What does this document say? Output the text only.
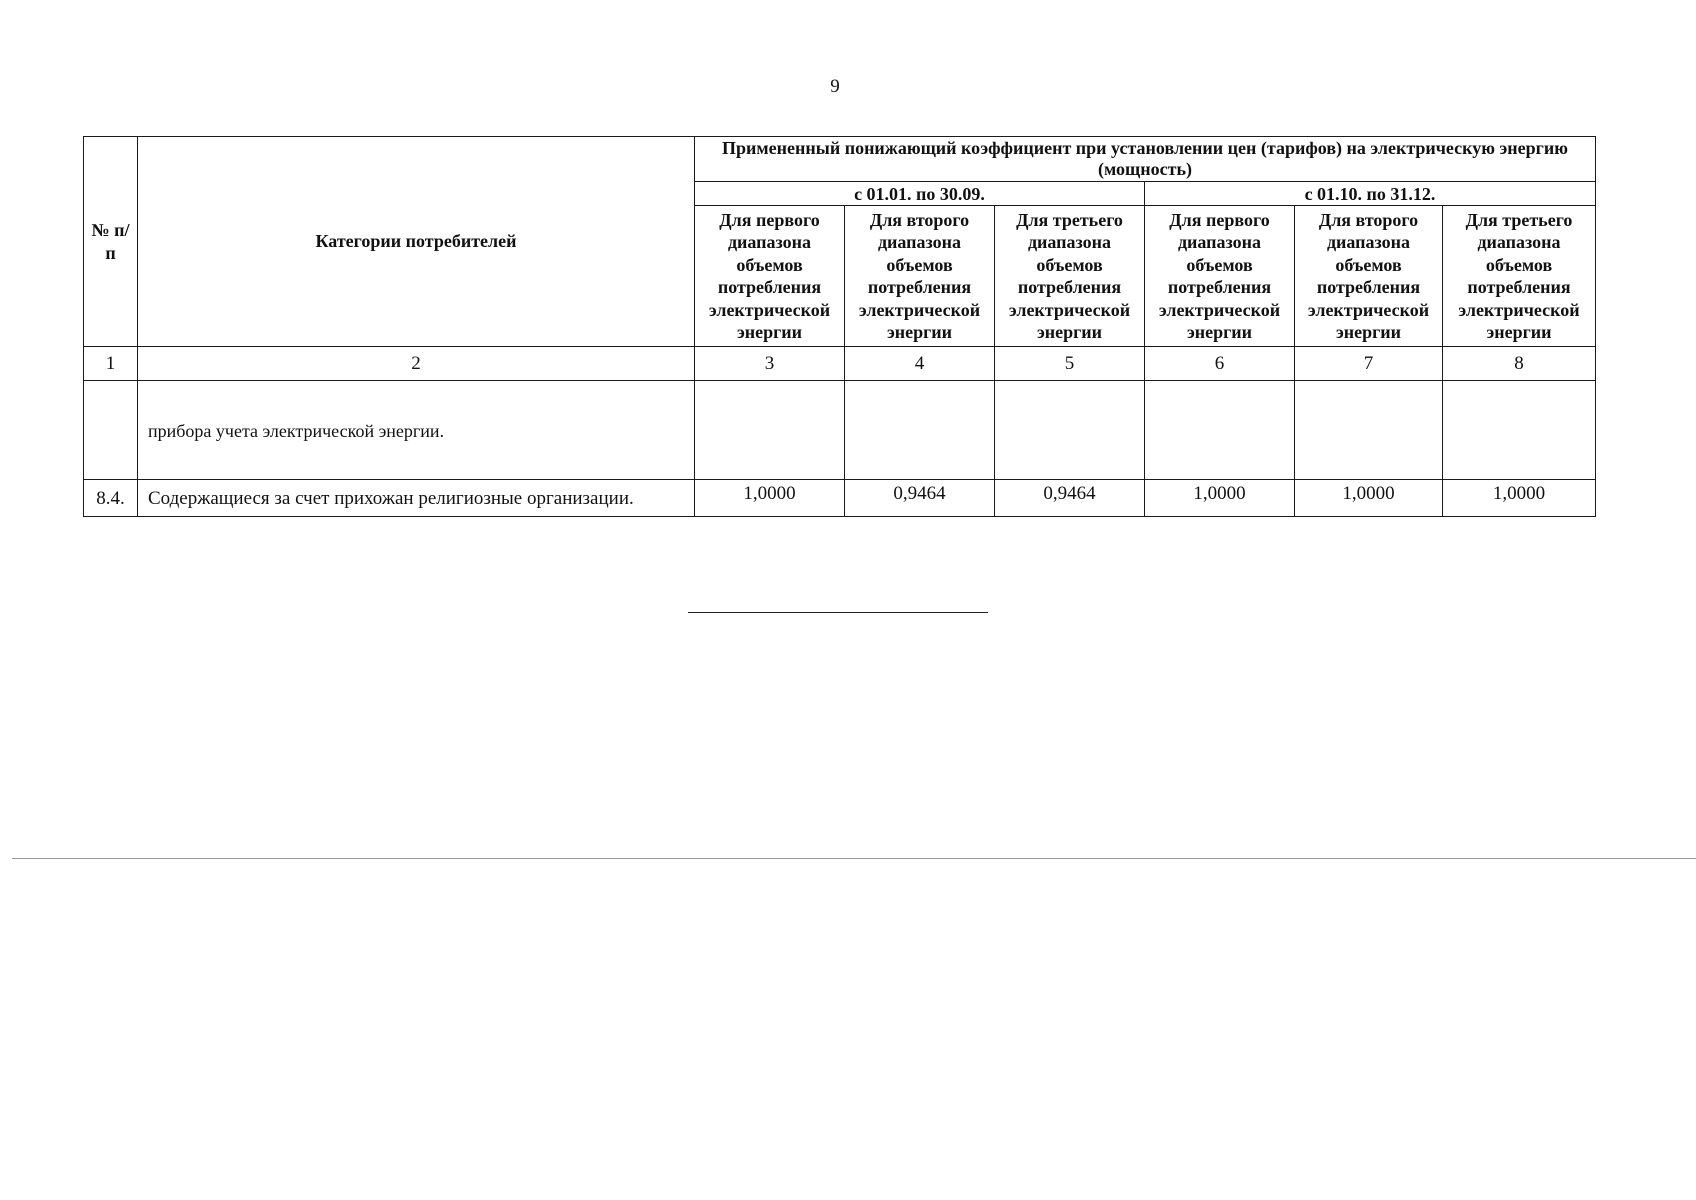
9
№ п/п	Категории потребителей	Примененный понижающий коэффициент при установлении цен (тарифов) на электрическую энергию (мощность)					
		с 01.01. по 30.09.			с 01.10. по 31.12.		
		Для первого диапазона объемов потребления электрической энергии	Для второго диапазона объемов потребления электрической энергии	Для третьего диапазона объемов потребления электрической энергии	Для первого диапазона объемов потребления электрической энергии	Для второго диапазона объемов потребления электрической энергии	Для третьего диапазона объемов потребления электрической энергии
1	2	3	4	5	6	7	8
	прибора учета электрической энергии.						
8.4.	Содержащиеся за счет прихожан религиозные организации.	1,0000	0,9464	0,9464	1,0000	1,0000	1,0000
